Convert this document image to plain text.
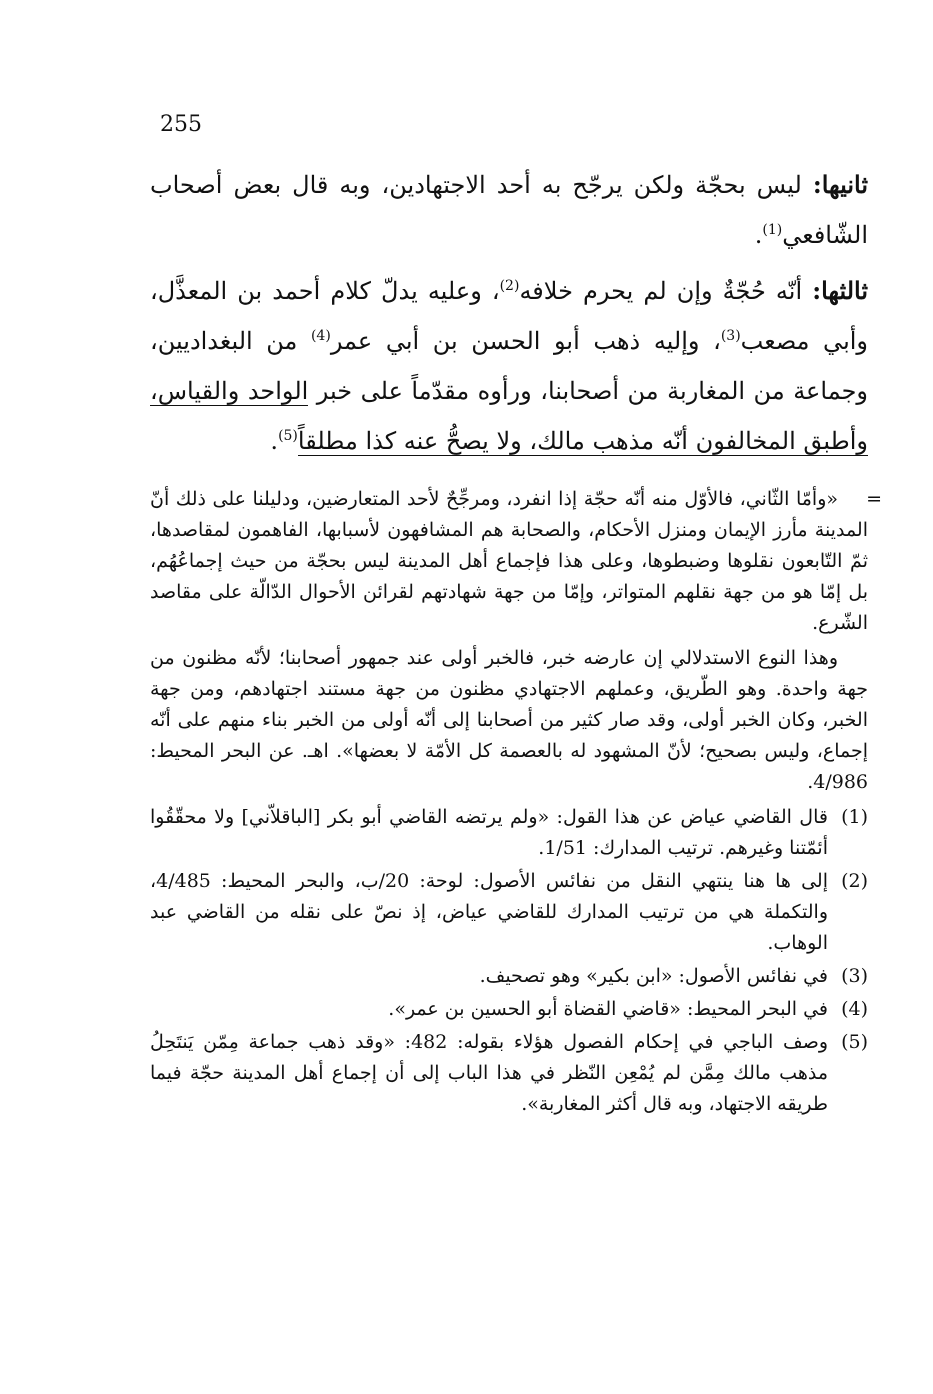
255

ثانيها: ليس بحجّة ولكن يرجّح به أحد الاجتهادين، وبه قال بعض أصحاب الشّافعي$^{(1)}$.

ثالثها: أنّه حُجّةٌ وإن لم يحرم خلافه$^{(2)}$، وعليه يدلّ كلام أحمد بن المعذَّل، وأبي مصعب$^{(3)}$، وإليه ذهب أبو الحسن بن أبي عمر$^{(4)}$ من البغداديين، وجماعة من المغاربة من أصحابنا، ورأوه مقدّماً على خبر الواحد والقياس، وأطبق المخالفون أنّه مذهب مالك، ولا يصحُّ عنه كذا مطلقاً$^{(5)}$.

=

«وأمّا الثّاني، فالأوّل منه أنّه حجّة إذا انفرد، ومرجِّحٌ لأحد المتعارضين، ودليلنا على ذلك أنّ المدينة مأرز الإيمان ومنزل الأحكام، والصحابة هم المشافهون لأسبابها، الفاهمون لمقاصدها، ثمّ التّابعون نقلوها وضبطوها، وعلى هذا فإجماع أهل المدينة ليس بحجّة من حيث إجماعُهُم، بل إمّا هو من جهة نقلهم المتواتر، وإمّا من جهة شهادتهم لقرائن الأحوال الدّالّة على مقاصد الشّرع.

وهذا النوع الاستدلالي إن عارضه خبر، فالخبر أولى عند جمهور أصحابنا؛ لأنّه مظنون من جهة واحدة. وهو الطّريق، وعملهم الاجتهادي مظنون من جهة مستند اجتهادهم، ومن جهة الخبر، وكان الخبر أولى، وقد صار كثير من أصحابنا إلى أنّه أولى من الخبر بناء منهم على أنّه إجماع، وليس بصحيح؛ لأنّ المشهود له بالعصمة كل الأمّة لا بعضها». اهـ. عن البحر المحيط: 4/986.

(1)
قال القاضي عياض عن هذا القول: «ولم يرتضه القاضي أبو بكر [الباقلاّني] ولا محقّقُوا أئمّتنا وغيرهم. ترتيب المدارك: 1/51.
(2)
إلى ها هنا ينتهي النقل من نفائس الأصول: لوحة: 20/ب، والبحر المحيط: 4/485، والتكملة هي من ترتيب المدارك للقاضي عياض، إذ نصّ على نقله من القاضي عبد الوهاب.
(3)
في نفائس الأصول: «ابن بكير» وهو تصحيف.
(4)
في البحر المحيط: «قاضي القضاة أبو الحسين بن عمر».
(5)
وصف الباجي في إحكام الفصول هؤلاء بقوله: 482: «وقد ذهب جماعة مِمّن يَنتَحِلُ مذهب مالك مِمَّن لم يُمْعِن النّظر في هذا الباب إلى أن إجماع أهل المدينة حجّة فيما طريقه الاجتهاد، وبه قال أكثر المغاربة».
